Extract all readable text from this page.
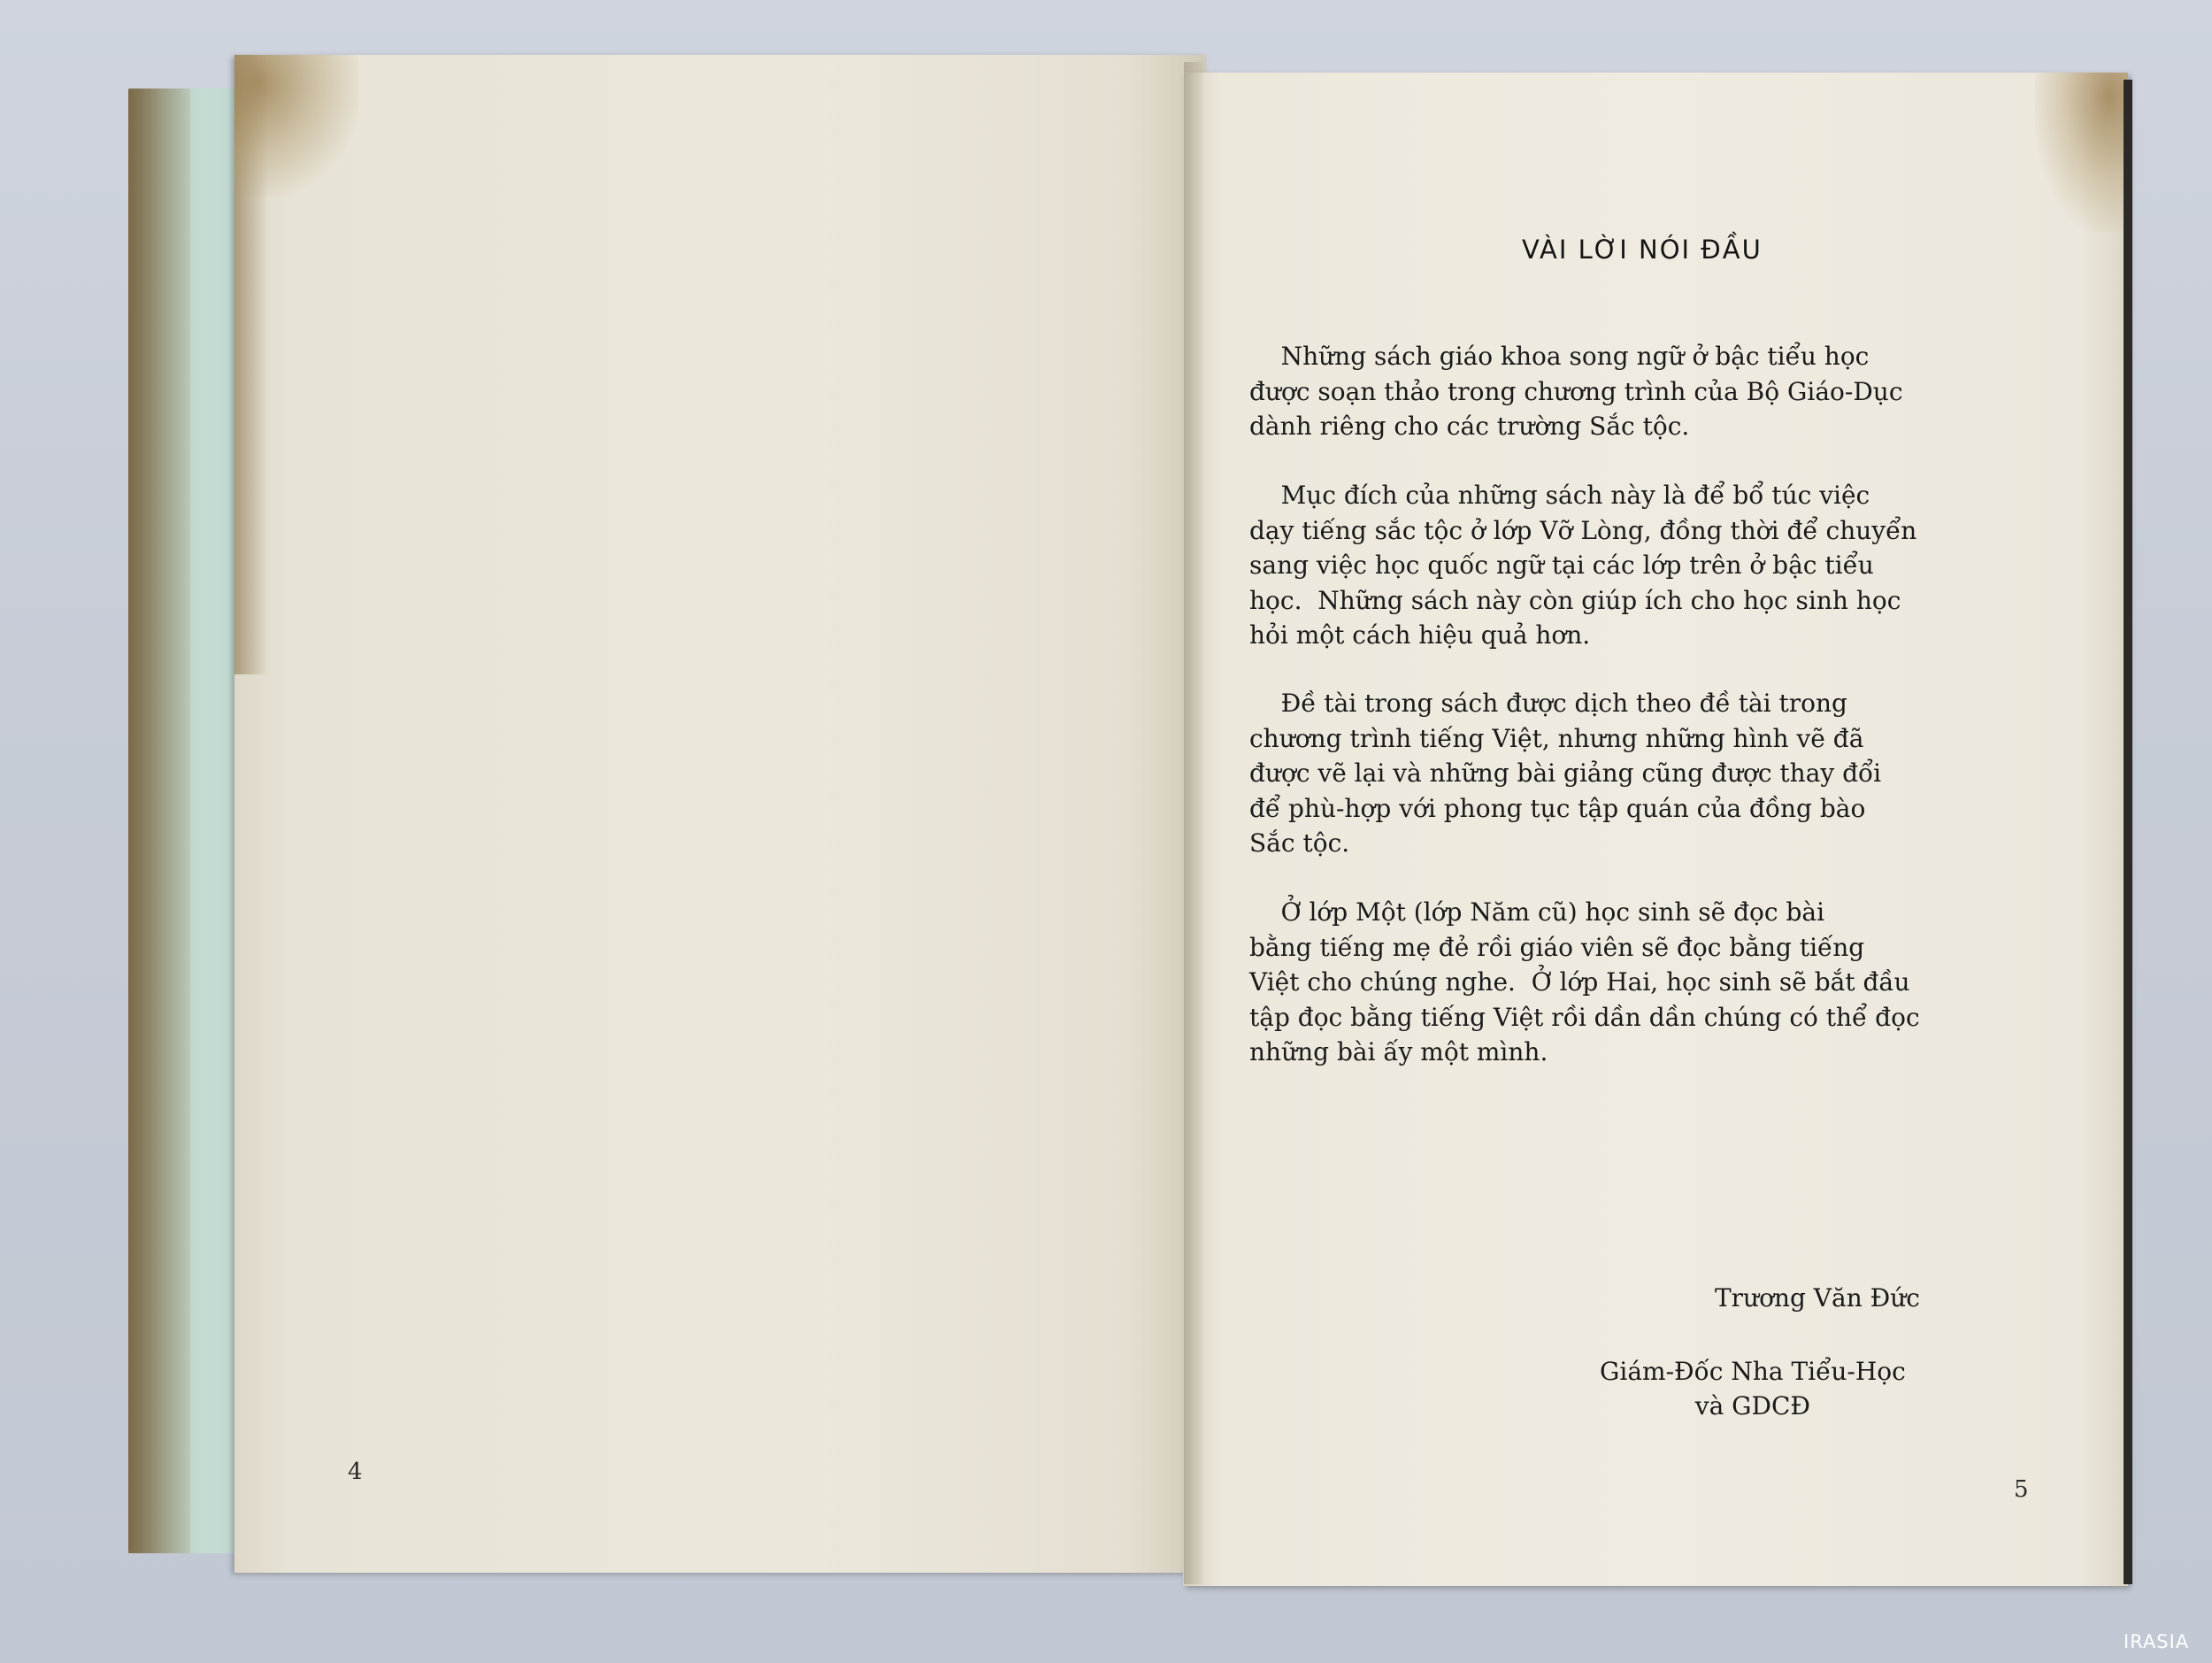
4
VÀI LỜI NÓI ĐẦU
Những sách giáo khoa song ngữ ở bậc tiểu học
được soạn thảo trong chương trình của Bộ Giáo-Dục
dành riêng cho các trường Sắc tộc.
Mục đích của những sách này là để bổ túc việc
dạy tiếng sắc tộc ở lớp Vỡ Lòng, đồng thời để chuyển
sang việc học quốc ngữ tại các lớp trên ở bậc tiểu
học.  Những sách này còn giúp ích cho học sinh học
hỏi một cách hiệu quả hơn.
Đề tài trong sách được dịch theo đề tài trong
chương trình tiếng Việt, nhưng những hình vẽ đã
được vẽ lại và những bài giảng cũng được thay đổi
để phù-hợp với phong tục tập quán của đồng bào
Sắc tộc.
Ở lớp Một (lớp Năm cũ) học sinh sẽ đọc bài
bằng tiếng mẹ đẻ rồi giáo viên sẽ đọc bằng tiếng
Việt cho chúng nghe.  Ở lớp Hai, học sinh sẽ bắt đầu
tập đọc bằng tiếng Việt rồi dần dần chúng có thể đọc
những bài ấy một mình.
Trương Văn Đức
Giám-Đốc Nha Tiểu-Học
và GDCĐ
5
IRASIA
